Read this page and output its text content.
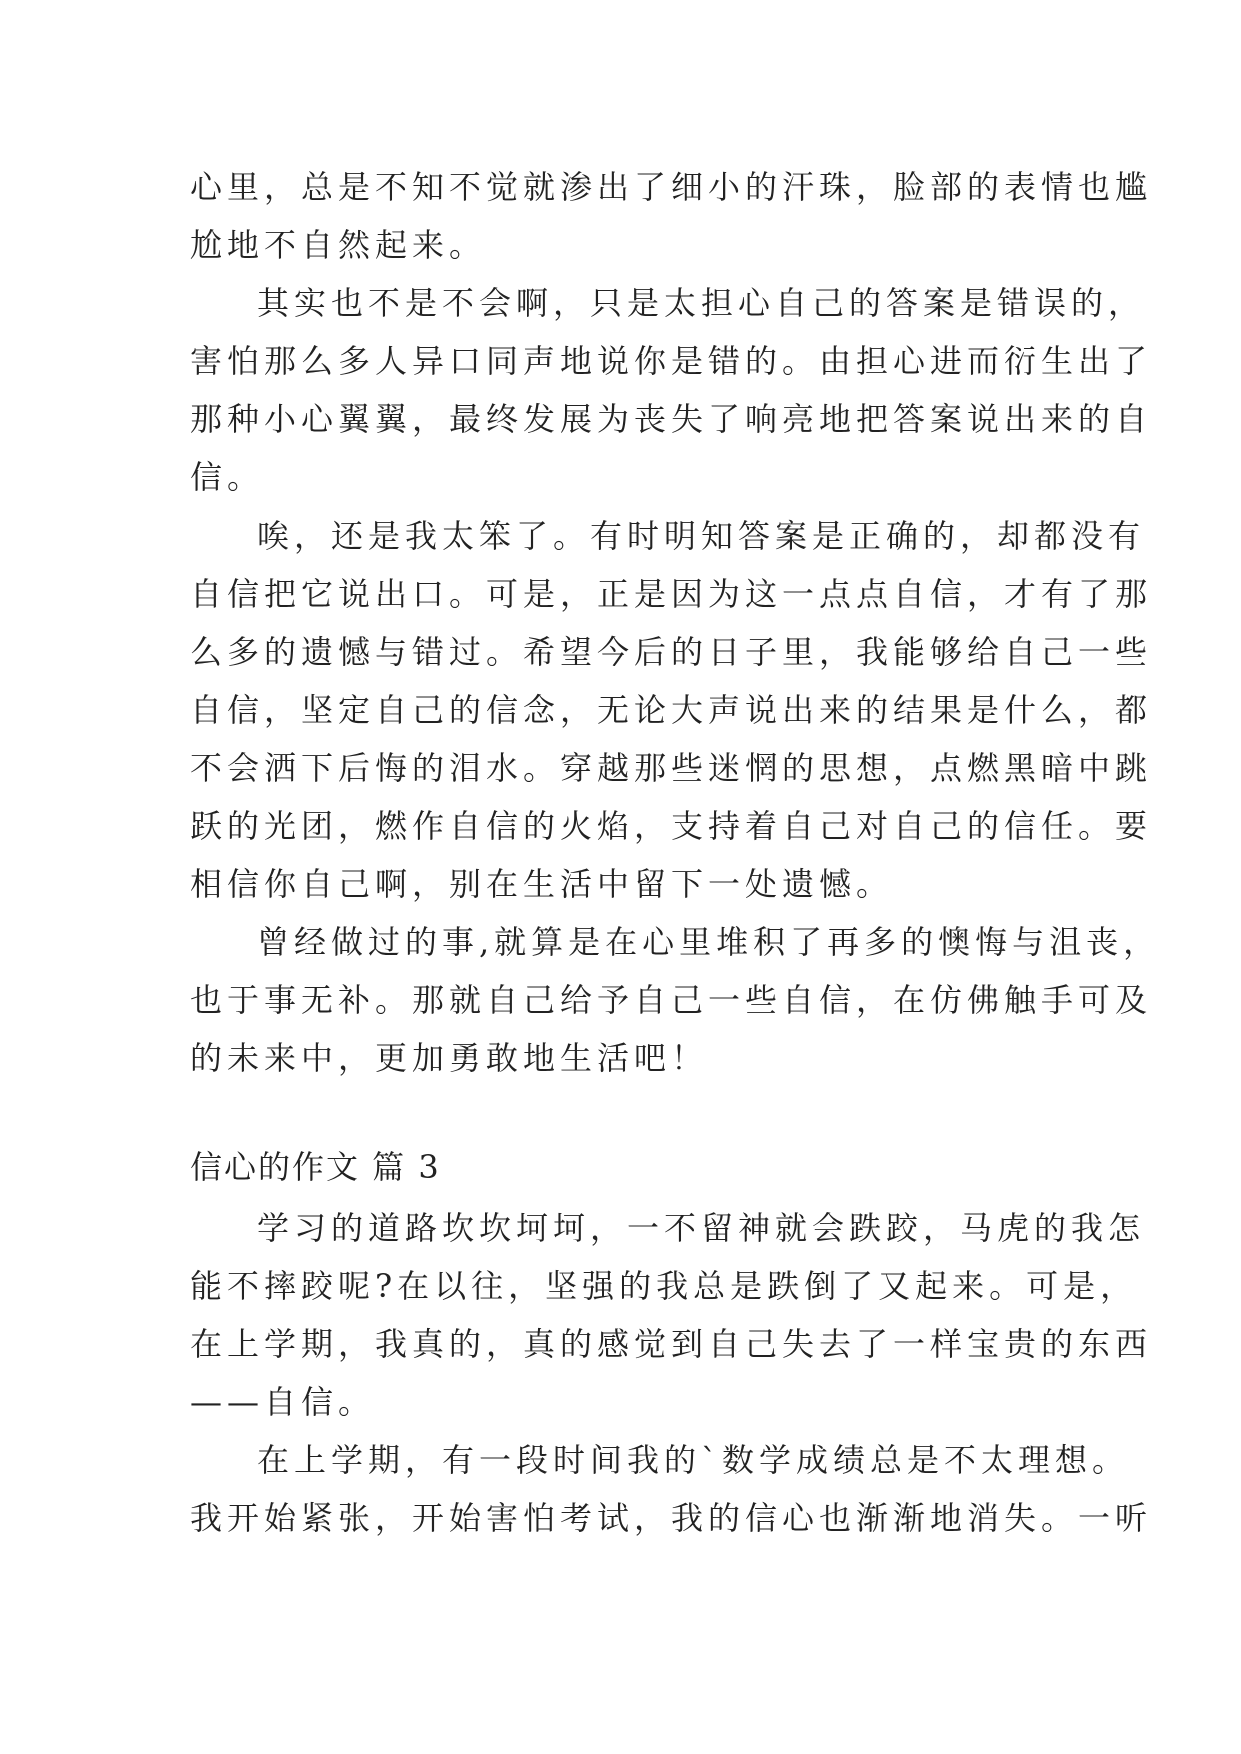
心里，总是不知不觉就渗出了细小的汗珠，脸部的表情也尴
尬地不自然起来。
其实也不是不会啊，只是太担心自己的答案是错误的，
害怕那么多人异口同声地说你是错的。由担心进而衍生出了
那种小心翼翼，最终发展为丧失了响亮地把答案说出来的自
信。
唉，还是我太笨了。有时明知答案是正确的，却都没有
自信把它说出口。可是，正是因为这一点点自信，才有了那
么多的遗憾与错过。希望今后的日子里，我能够给自己一些
自信，坚定自己的信念，无论大声说出来的结果是什么，都
不会洒下后悔的泪水。穿越那些迷惘的思想，点燃黑暗中跳
跃的光团，燃作自信的火焰，支持着自己对自己的信任。要
相信你自己啊，别在生活中留下一处遗憾。
曾经做过的事,就算是在心里堆积了再多的懊悔与沮丧，
也于事无补。那就自己给予自己一些自信，在仿佛触手可及
的未来中，更加勇敢地生活吧！
信心的作文 篇 3
学习的道路坎坎坷坷，一不留神就会跌跤，马虎的我怎
能不摔跤呢?在以往，坚强的我总是跌倒了又起来。可是，
在上学期，我真的，真的感觉到自己失去了一样宝贵的东西
——自信。
在上学期，有一段时间我的`数学成绩总是不太理想。
我开始紧张，开始害怕考试，我的信心也渐渐地消失。一听
